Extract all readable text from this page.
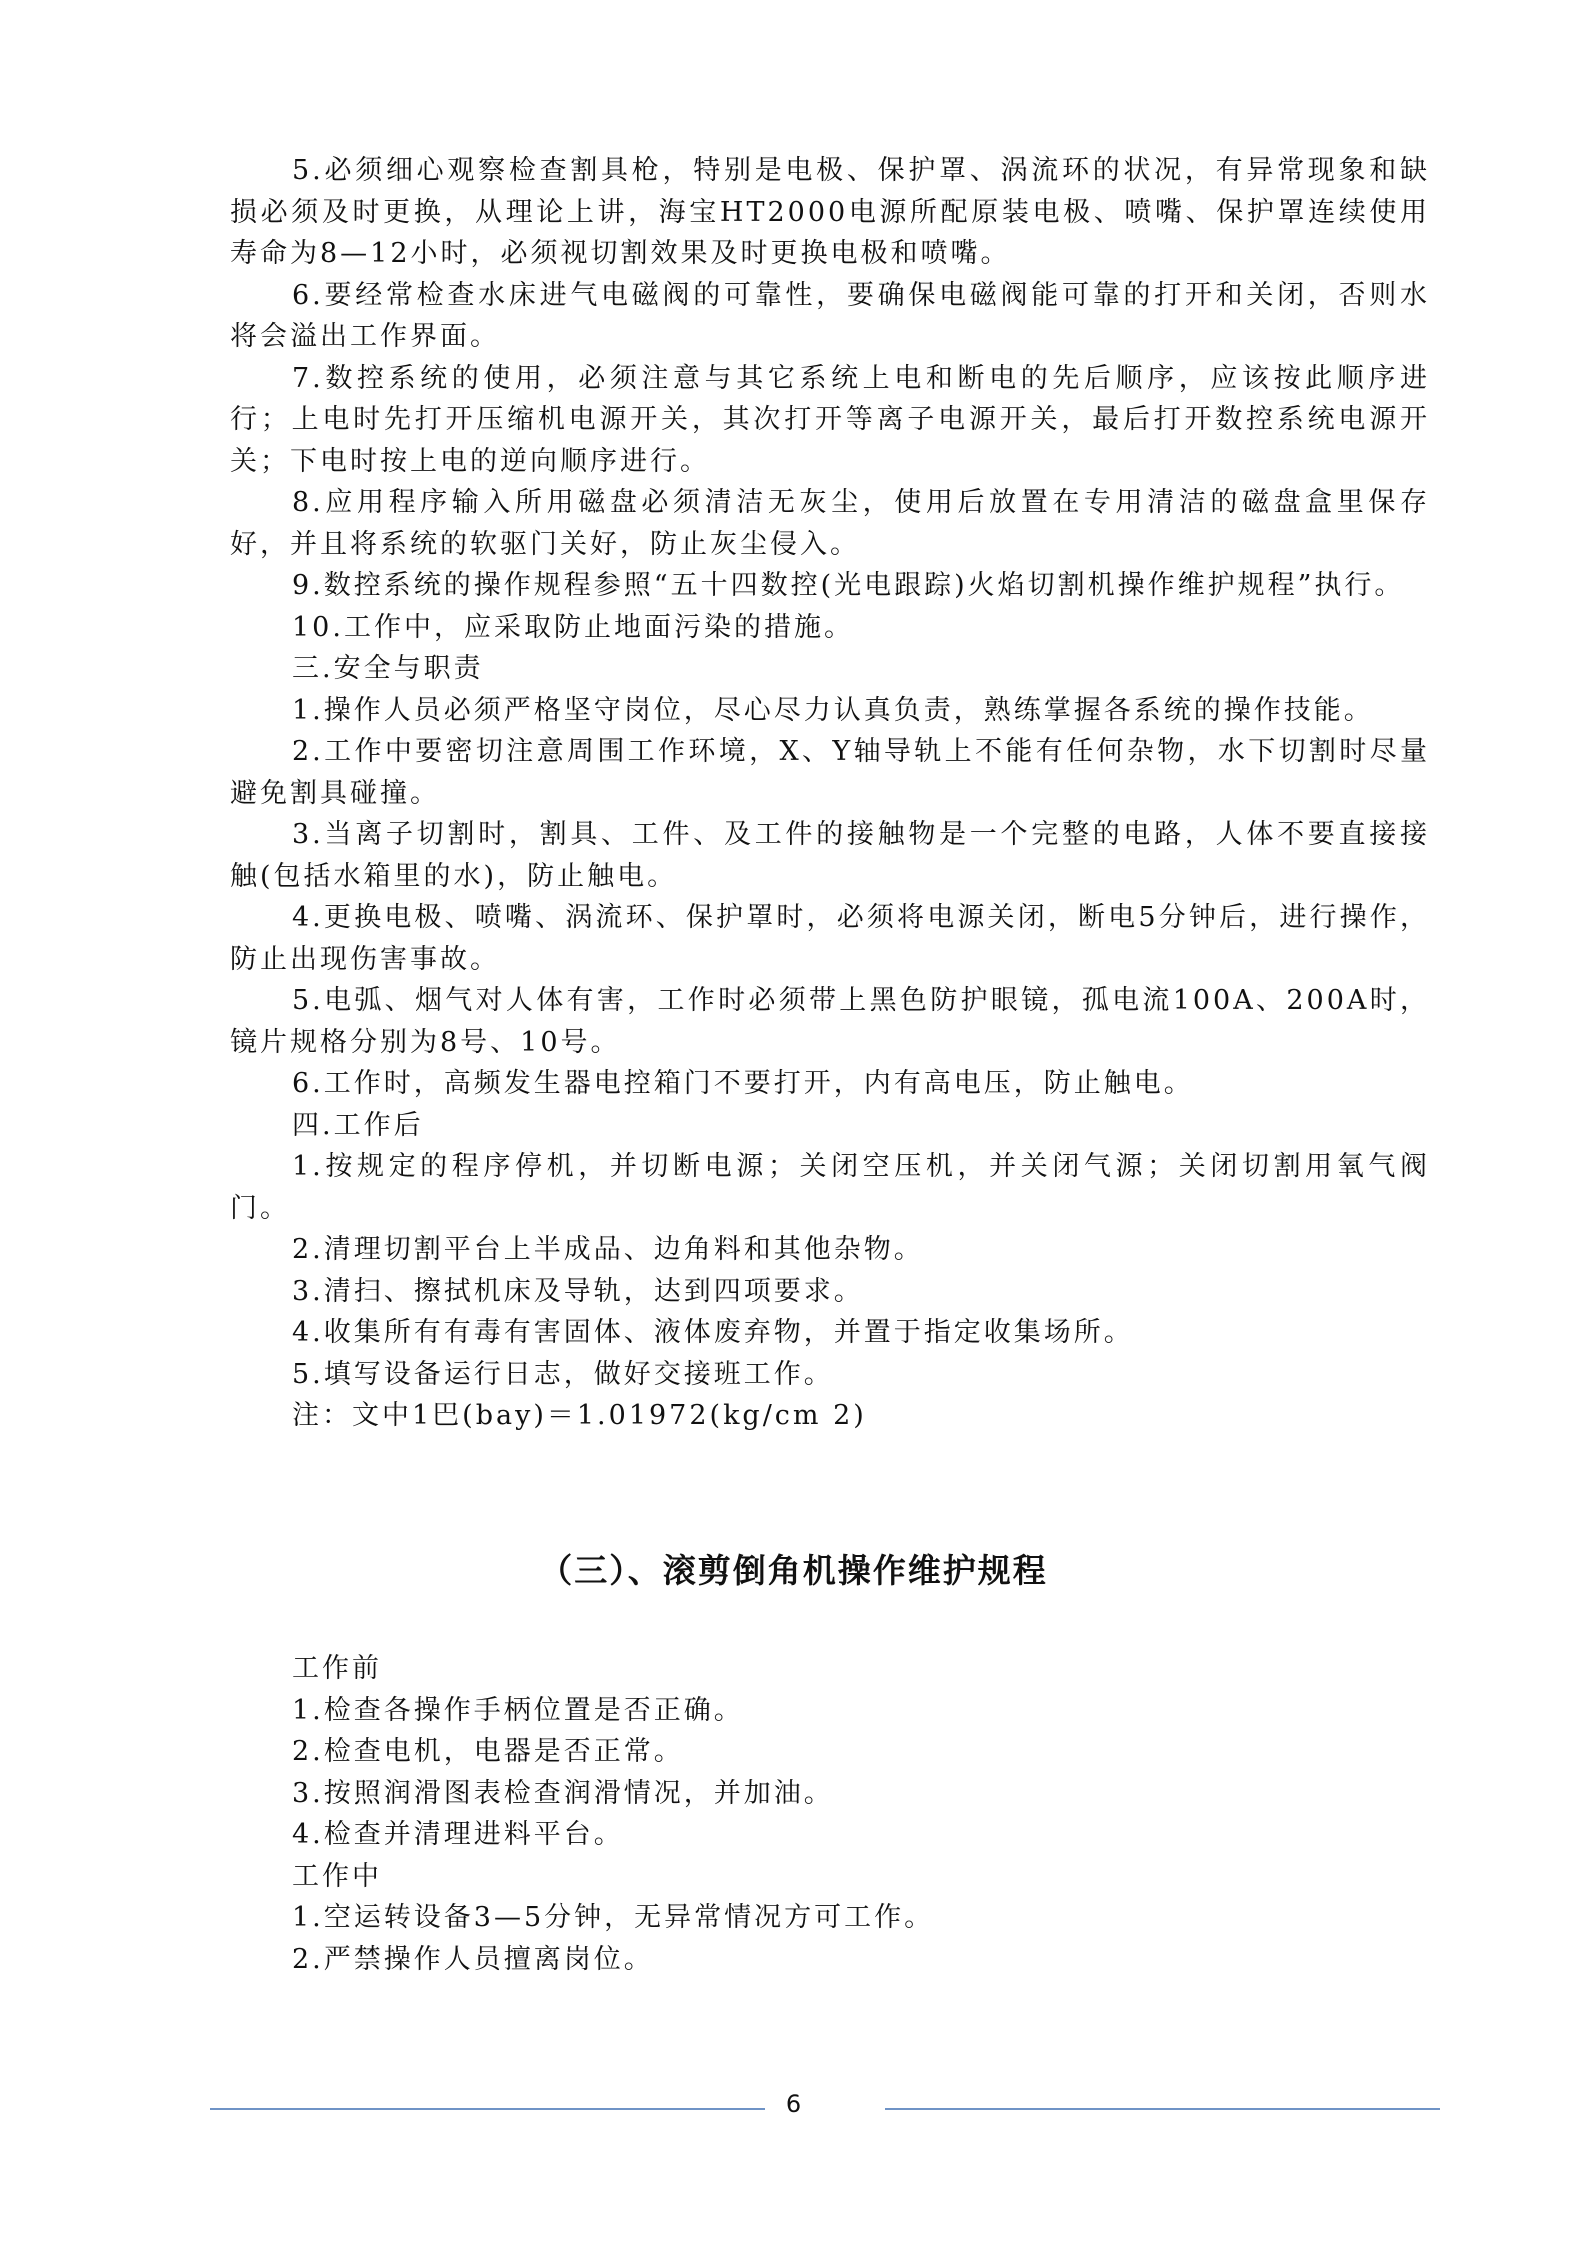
5.必须细心观察检查割具枪，特别是电极、保护罩、涡流环的状况，有异常现象和缺损必须及时更换，从理论上讲，海宝HT2000电源所配原装电极、喷嘴、保护罩连续使用寿命为8—12小时，必须视切割效果及时更换电极和喷嘴。

6.要经常检查水床进气电磁阀的可靠性，要确保电磁阀能可靠的打开和关闭，否则水将会溢出工作界面。

7.数控系统的使用，必须注意与其它系统上电和断电的先后顺序，应该按此顺序进行；上电时先打开压缩机电源开关，其次打开等离子电源开关，最后打开数控系统电源开关；下电时按上电的逆向顺序进行。

8.应用程序输入所用磁盘必须清洁无灰尘，使用后放置在专用清洁的磁盘盒里保存好，并且将系统的软驱门关好，防止灰尘侵入。

9.数控系统的操作规程参照“五十四数控(光电跟踪)火焰切割机操作维护规程”执行。

10.工作中，应采取防止地面污染的措施。

三.安全与职责

1.操作人员必须严格坚守岗位，尽心尽力认真负责，熟练掌握各系统的操作技能。

2.工作中要密切注意周围工作环境，X、Y轴导轨上不能有任何杂物，水下切割时尽量避免割具碰撞。

3.当离子切割时，割具、工件、及工件的接触物是一个完整的电路，人体不要直接接触(包括水箱里的水)，防止触电。

4.更换电极、喷嘴、涡流环、保护罩时，必须将电源关闭，断电5分钟后，进行操作，防止出现伤害事故。

5.电弧、烟气对人体有害，工作时必须带上黑色防护眼镜，孤电流100A、200A时，镜片规格分别为8号、10号。

6.工作时，高频发生器电控箱门不要打开，内有高电压，防止触电。

四.工作后

1.按规定的程序停机，并切断电源；关闭空压机，并关闭气源；关闭切割用氧气阀门。

2.清理切割平台上半成品、边角料和其他杂物。

3.清扫、擦拭机床及导轨，达到四项要求。

4.收集所有有毒有害固体、液体废弃物，并置于指定收集场所。

5.填写设备运行日志，做好交接班工作。

注：文中1巴(bay)＝1.01972(kg/cm 2)

（三）、滚剪倒角机操作维护规程

工作前

1.检查各操作手柄位置是否正确。

2.检查电机，电器是否正常。

3.按照润滑图表检查润滑情况，并加油。

4.检查并清理进料平台。

工作中

1.空运转设备3—5分钟，无异常情况方可工作。

2.严禁操作人员擅离岗位。

6
